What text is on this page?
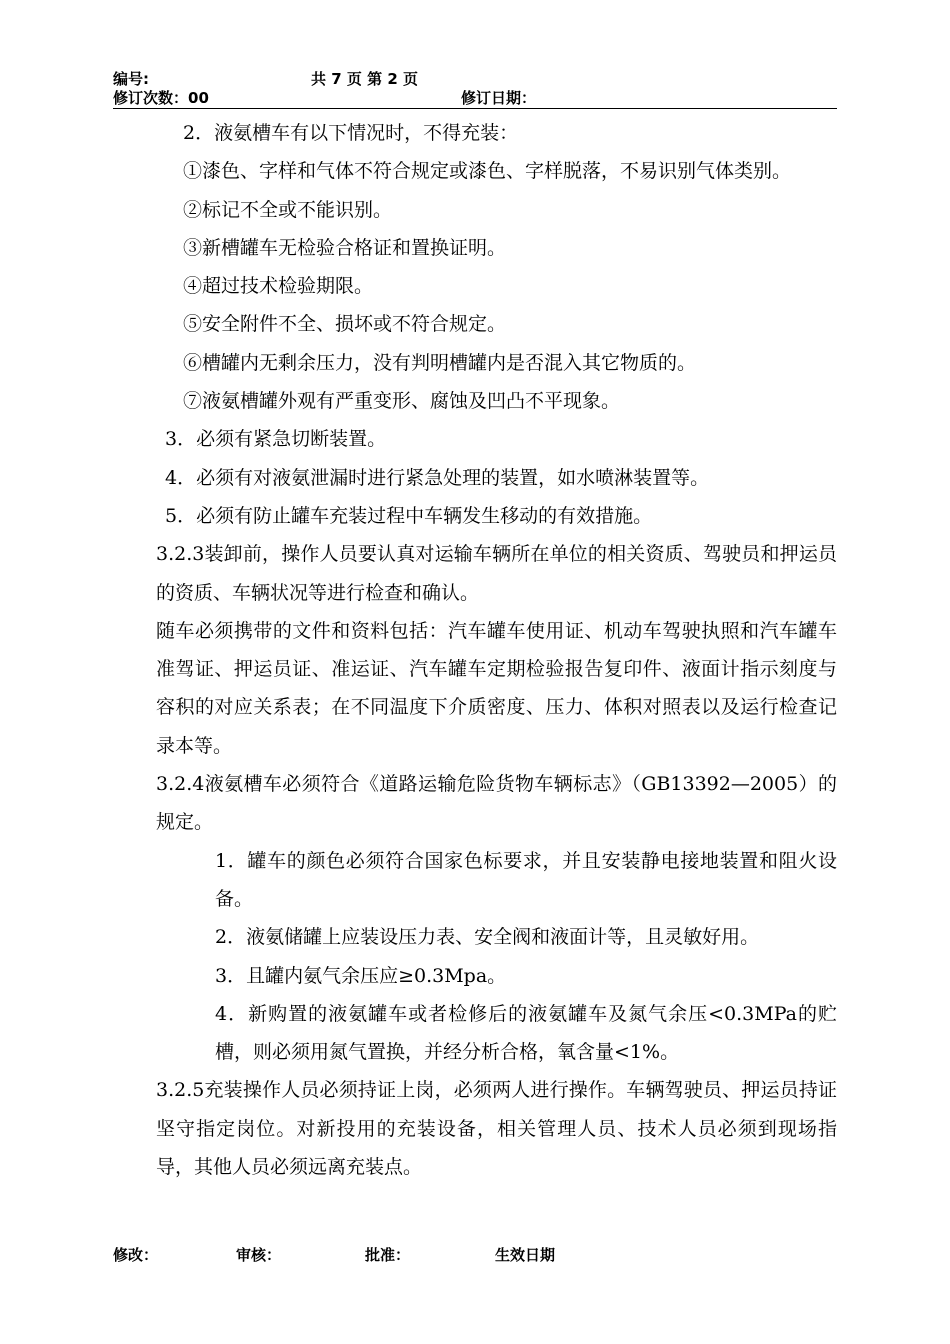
编号:	共 7 页 第 2 页
修订次数：00	修订日期：

2．液氨槽车有以下情况时，不得充装：

①漆色、字样和气体不符合规定或漆色、字样脱落，不易识别气体类别。

②标记不全或不能识别。

③新槽罐车无检验合格证和置换证明。

④超过技术检验期限。

⑤安全附件不全、损坏或不符合规定。

⑥槽罐内无剩余压力，没有判明槽罐内是否混入其它物质的。

⑦液氨槽罐外观有严重变形、腐蚀及凹凸不平现象。

3．必须有紧急切断装置。

4．必须有对液氨泄漏时进行紧急处理的装置，如水喷淋装置等。

5．必须有防止罐车充装过程中车辆发生移动的有效措施。

3.2.3装卸前，操作人员要认真对运输车辆所在单位的相关资质、驾驶员和押运员的资质、车辆状况等进行检查和确认。

随车必须携带的文件和资料包括：汽车罐车使用证、机动车驾驶执照和汽车罐车准驾证、押运员证、准运证、汽车罐车定期检验报告复印件、液面计指示刻度与容积的对应关系表；在不同温度下介质密度、压力、体积对照表以及运行检查记录本等。

3.2.4液氨槽车必须符合《道路运输危险货物车辆标志》（GB13392—2005）的规定。

1．罐车的颜色必须符合国家色标要求，并且安装静电接地装置和阻火设备。

2．液氨储罐上应装设压力表、安全阀和液面计等，且灵敏好用。

3．且罐内氨气余压应≥0.3Mpa。

4．新购置的液氨罐车或者检修后的液氨罐车及氮气余压<0.3MPa的贮槽，则必须用氮气置换，并经分析合格，氧含量<1%。

3.2.5充装操作人员必须持证上岗，必须两人进行操作。车辆驾驶员、押运员持证坚守指定岗位。对新投用的充装设备，相关管理人员、技术人员必须到现场指导，其他人员必须远离充装点。

修改：	审核：	批准：	生效日期
